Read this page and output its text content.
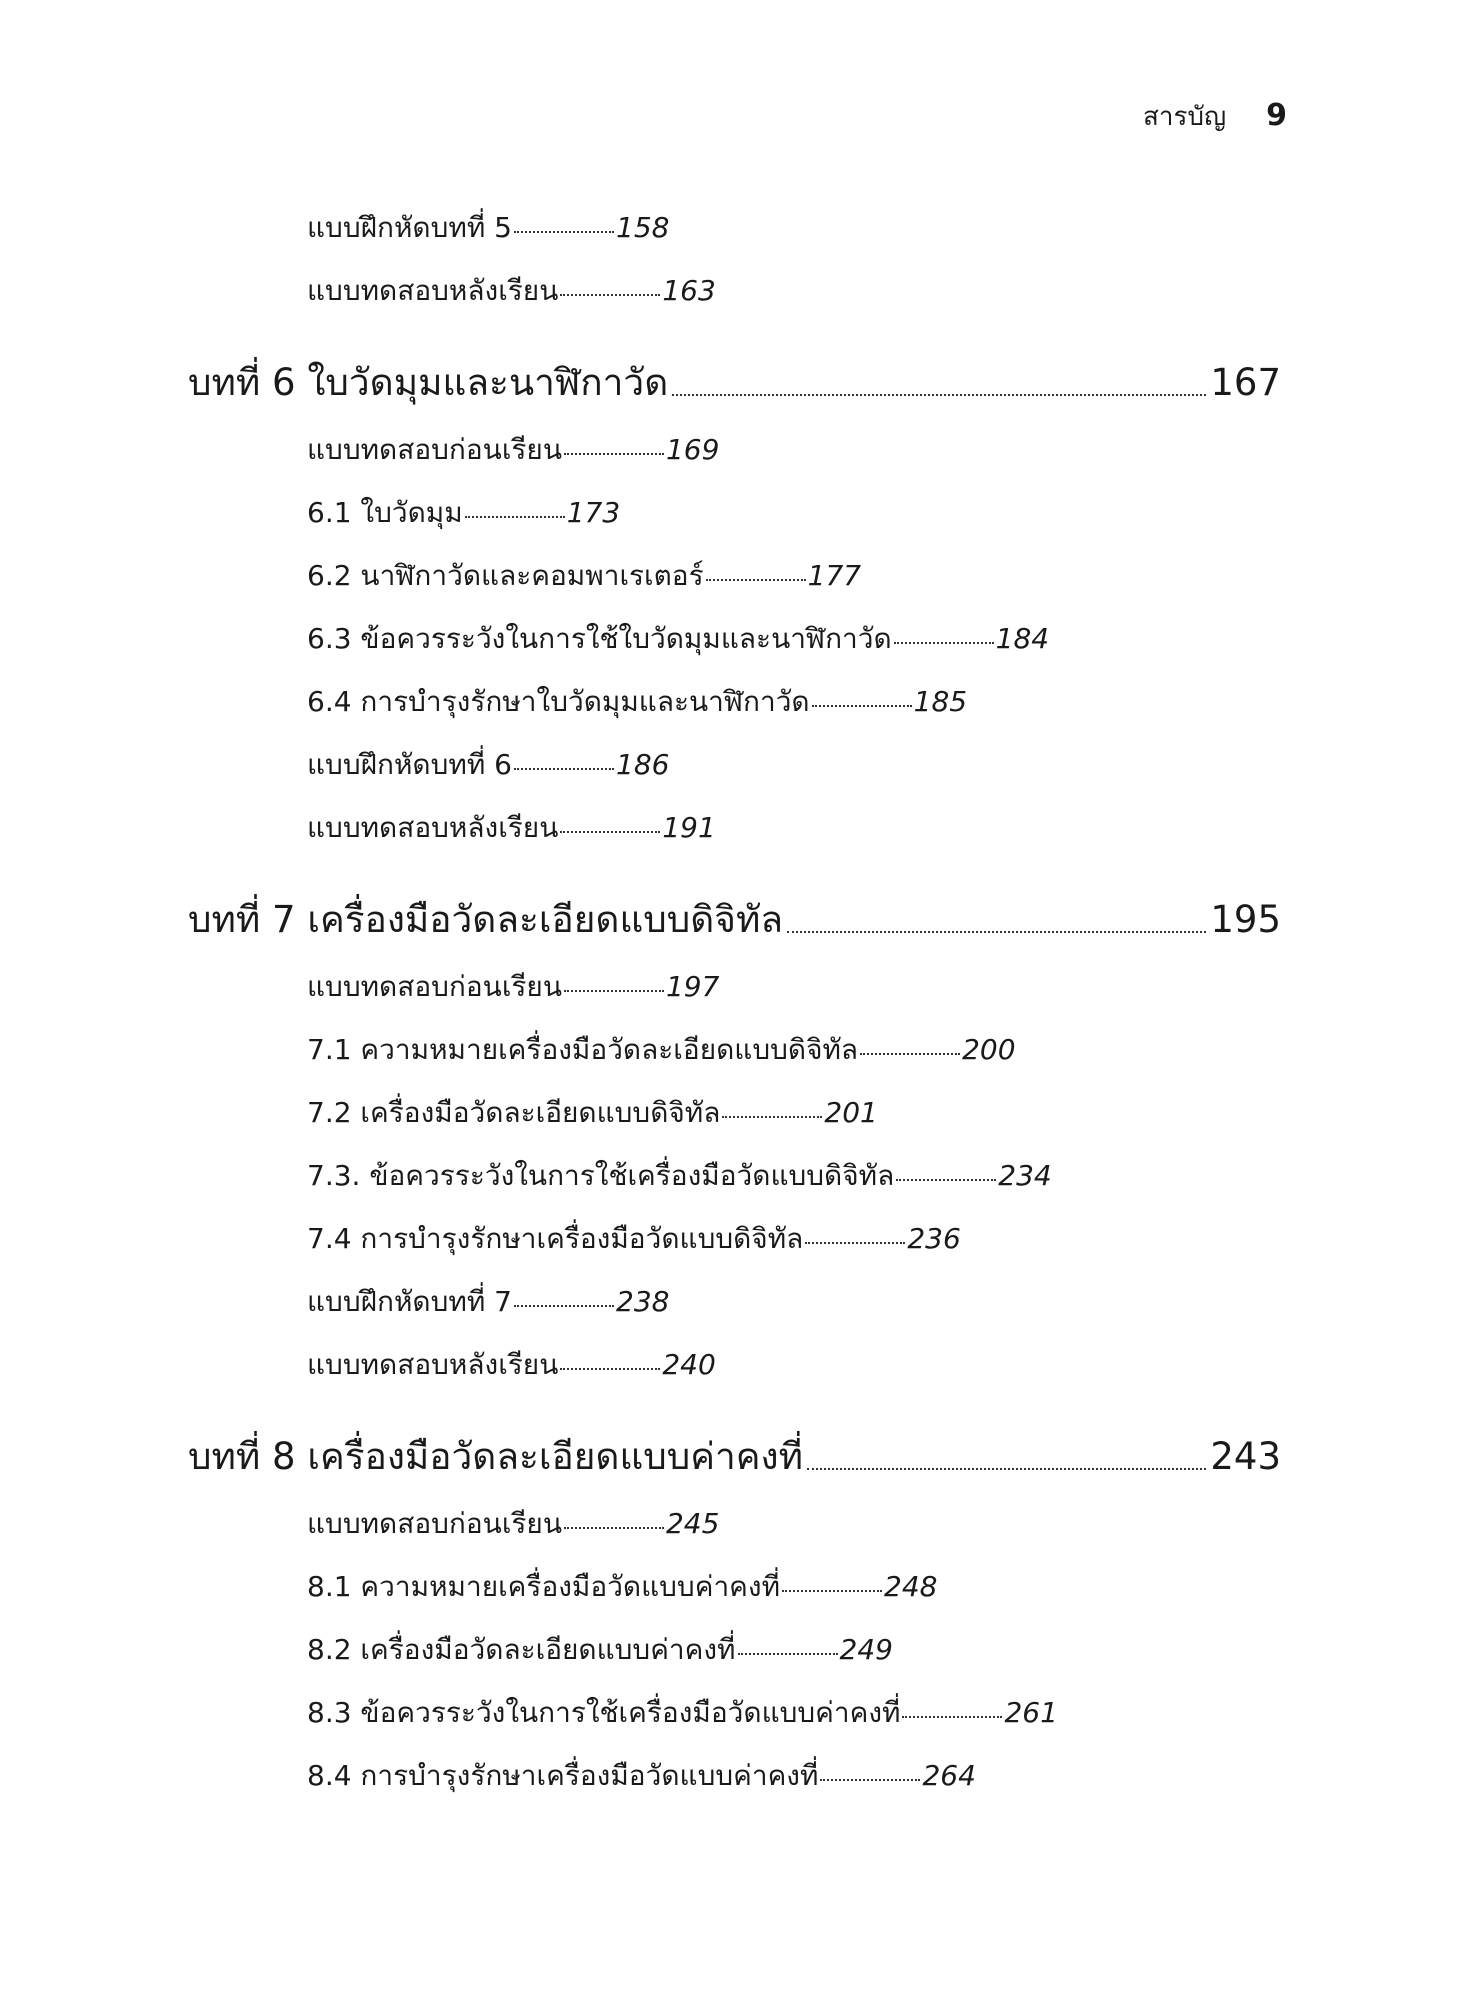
สารบัญ 9
แบบฝึกหัดบทที่ 5	158
แบบทดสอบหลังเรียน	163
บทที่ 6 ใบวัดมุมและนาฬิกาวัด	167
แบบทดสอบก่อนเรียน	169
6.1 ใบวัดมุม	173
6.2 นาฬิกาวัดและคอมพาเรเตอร์	177
6.3 ข้อควรระวังในการใช้ใบวัดมุมและนาฬิกาวัด	184
6.4 การบำรุงรักษาใบวัดมุมและนาฬิกาวัด	185
แบบฝึกหัดบทที่ 6	186
แบบทดสอบหลังเรียน	191
บทที่ 7 เครื่องมือวัดละเอียดแบบดิจิทัล	195
แบบทดสอบก่อนเรียน	197
7.1 ความหมายเครื่องมือวัดละเอียดแบบดิจิทัล	200
7.2 เครื่องมือวัดละเอียดแบบดิจิทัล	201
7.3. ข้อควรระวังในการใช้เครื่องมือวัดแบบดิจิทัล	234
7.4 การบำรุงรักษาเครื่องมือวัดแบบดิจิทัล	236
แบบฝึกหัดบทที่ 7	238
แบบทดสอบหลังเรียน	240
บทที่ 8 เครื่องมือวัดละเอียดแบบค่าคงที่	243
แบบทดสอบก่อนเรียน	245
8.1 ความหมายเครื่องมือวัดแบบค่าคงที่	248
8.2 เครื่องมือวัดละเอียดแบบค่าคงที่	249
8.3 ข้อควรระวังในการใช้เครื่องมือวัดแบบค่าคงที่	261
8.4 การบำรุงรักษาเครื่องมือวัดแบบค่าคงที่	264
